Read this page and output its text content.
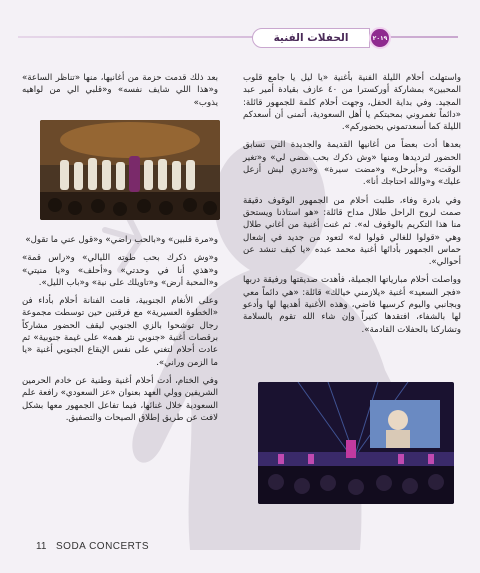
الحفلات الفنية	٢٠١٩

واستهلت أحلام الليلة الفنية بأغنية «يا ليل يا جامع قلوب المحبين» بمشاركة أوركسترا من ٤٠ عازف بقيادة أمير عبد المجيد. وفي بداية الحفل، وجهت أحلام كلمة للجمهور قائلة: «دائماً تغمروني بمحبتكم يا أهل السعودية، أتمنى أن أسعدكم الليلة كما أسعدتموني بحضوركم».

بعدها أدت بعضاً من أغانيها القديمة والجديدة التي تسابق الحضور لترديدها ومنها «وش ذكرك بحب مضى لي» و«تغير الوقت» و«أبرحل» و«مضت سيرة» و«تدري ليش أزعل عليك» و«والله احتاجك أنا».

وفي بادرة وفاء، طلبت أحلام من الجمهور الوقوف دقيقة صمت لروح الراحل طلال مداح قائلة: «هو استاذنا ويستحق منا هذا التكريم بالوقوف له». ثم غنت أغنية من أغاني طلال وهي «قولوا للغالي قولوا له» لتعود من جديد في إشعال حماس الجمهور بأدائها أغنية محمد عبده «يا كيف تنشد عن أحوالي».

وواصلت أحلام مبارياتها الجميلة، فأهدت صديقتها ورفيقة دربها «فجر السعيد» أغنية «يلازمني خيالك» قائلة: «هي دائماً معي وبجانبي واليوم كرسيها فاضي، وهذه الأغنية أهديها لها وأدعو لها بالشفاء، افتقدها كثيراً وإن شاء الله تقوم بالسلامة وتشاركنا بالحفلات القادمة».

بعد ذلك قدمت حزمة من أغانيها، منها «تناظر الساعة» و«هذا اللي شايف نفسه» و«قلبي الي من لواهيه يذوب»

و«مرة قلبين» و«بالحب راضي» و«قول عني ما تقول»

و«وش ذكرك بحب طوته الليالي» و«راس قمة» و«هذي أنا في وحدتي» و«أحلف» و«يا منيتي» و«المحبة أرض» و«تاويلك على نية» و«باب الليل».

وعلى الأنغام الجنوبية، قامت الفنانة أحلام بأداء فن «الخطوة العسيرية» مع فرقتين حين توسطت مجموعة رجال توشحوا بالزي الجنوبي ليقف الحضور مشاركاً برقصات أغنية «جنوبي نثر همه» على غيمة جنوبية» ثم عادت أحلام لتغني على نفس الإيقاع الجنوبي أغنية «يا ما الزمن وراني».

وفي الختام، أدت أحلام أغنية وطنية عن خادم الحرمين الشريفين وولي العهد بعنوان «عز السعودي» رافعة علم السعودية خلال غنائها، فيما تفاعل الجمهور معها بشكل لافت عن طريق إطلاق الصيحات والتصفيق.

11 SODA CONCERTS
